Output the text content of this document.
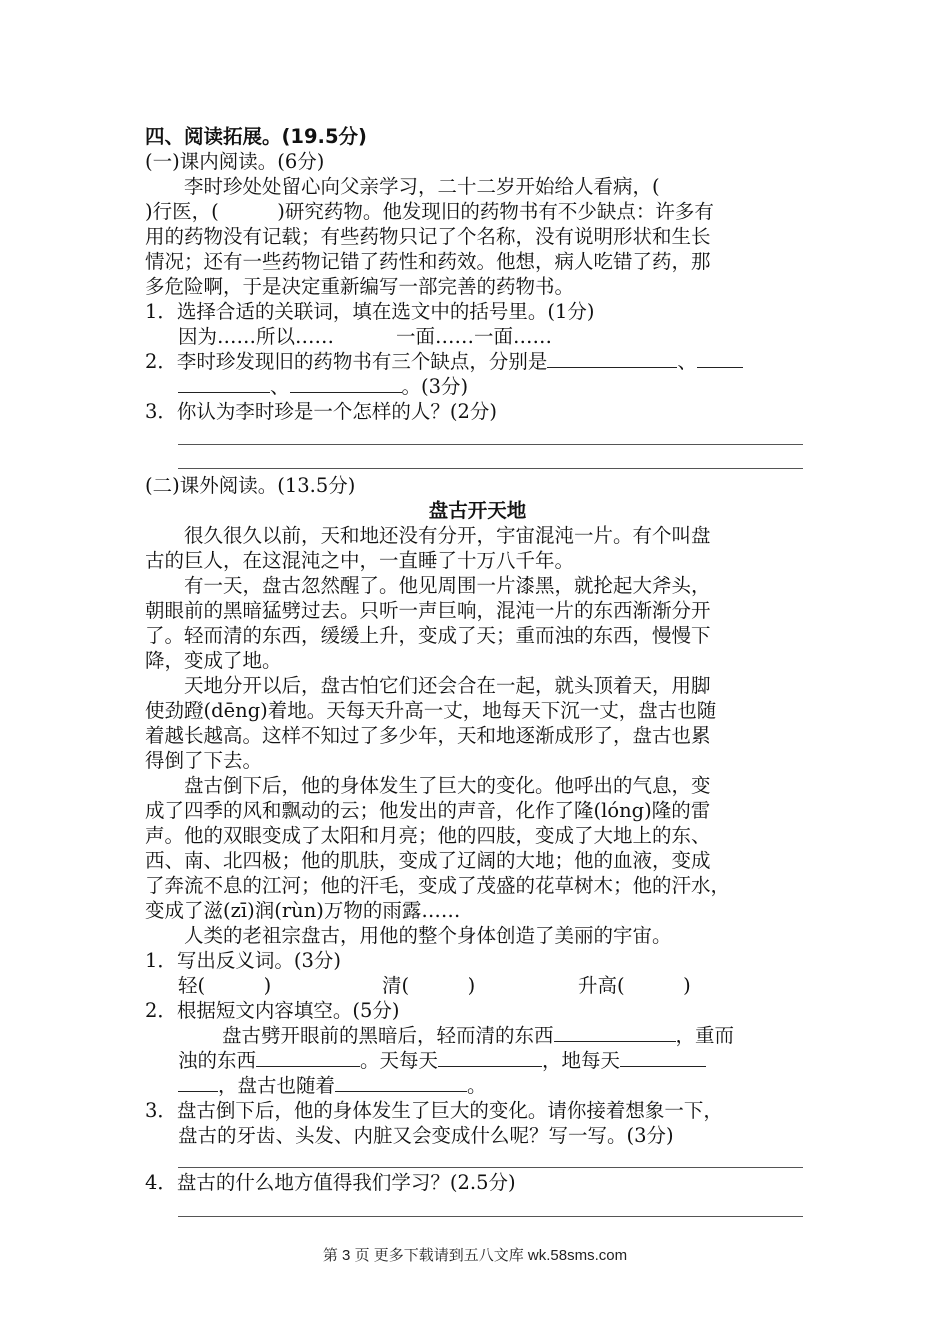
四、阅读拓展。(19.5分)
(一)课内阅读。(6分)
李时珍处处留心向父亲学习，二十二岁开始给人看病，(
)行医，(　　　)研究药物。他发现旧的药物书有不少缺点：许多有
用的药物没有记载；有些药物只记了个名称，没有说明形状和生长
情况；还有一些药物记错了药性和药效。他想，病人吃错了药，那
多危险啊，于是决定重新编写一部完善的药物书。
1．选择合适的关联词，填在选文中的括号里。(1分)
因为……所以……	一面……一面……
2．李时珍发现旧的药物书有三个缺点，分别是	、
、	。(3分)
3．你认为李时珍是一个怎样的人？(2分)
(二)课外阅读。(13.5分)
盘古开天地
很久很久以前，天和地还没有分开，宇宙混沌一片。有个叫盘
古的巨人，在这混沌之中，一直睡了十万八千年。
有一天，盘古忽然醒了。他见周围一片漆黑，就抡起大斧头，
朝眼前的黑暗猛劈过去。只听一声巨响，混沌一片的东西渐渐分开
了。轻而清的东西，缓缓上升，变成了天；重而浊的东西，慢慢下
降，变成了地。
天地分开以后，盘古怕它们还会合在一起，就头顶着天，用脚
使劲蹬(dēng)着地。天每天升高一丈，地每天下沉一丈，盘古也随
着越长越高。这样不知过了多少年，天和地逐渐成形了，盘古也累
得倒了下去。
盘古倒下后，他的身体发生了巨大的变化。他呼出的气息，变
成了四季的风和飘动的云；他发出的声音，化作了隆(lóng)隆的雷
声。他的双眼变成了太阳和月亮；他的四肢，变成了大地上的东、
西、南、北四极；他的肌肤，变成了辽阔的大地；他的血液，变成
了奔流不息的江河；他的汗毛，变成了茂盛的花草树木；他的汗水，
变成了滋(zī)润(rùn)万物的雨露……
人类的老祖宗盘古，用他的整个身体创造了美丽的宇宙。
1．写出反义词。(3分)
轻(　　　)	清(　　　)	升高(　　　)
2．根据短文内容填空。(5分)
盘古劈开眼前的黑暗后，轻而清的东西	，重而
浊的东西	。天每天	，地每天
，盘古也随着	。
3．盘古倒下后，他的身体发生了巨大的变化。请你接着想象一下，
盘古的牙齿、头发、内脏又会变成什么呢？写一写。(3分)
4．盘古的什么地方值得我们学习？(2.5分)
第 3 页 更多下载请到五八文库 wk.58sms.com
